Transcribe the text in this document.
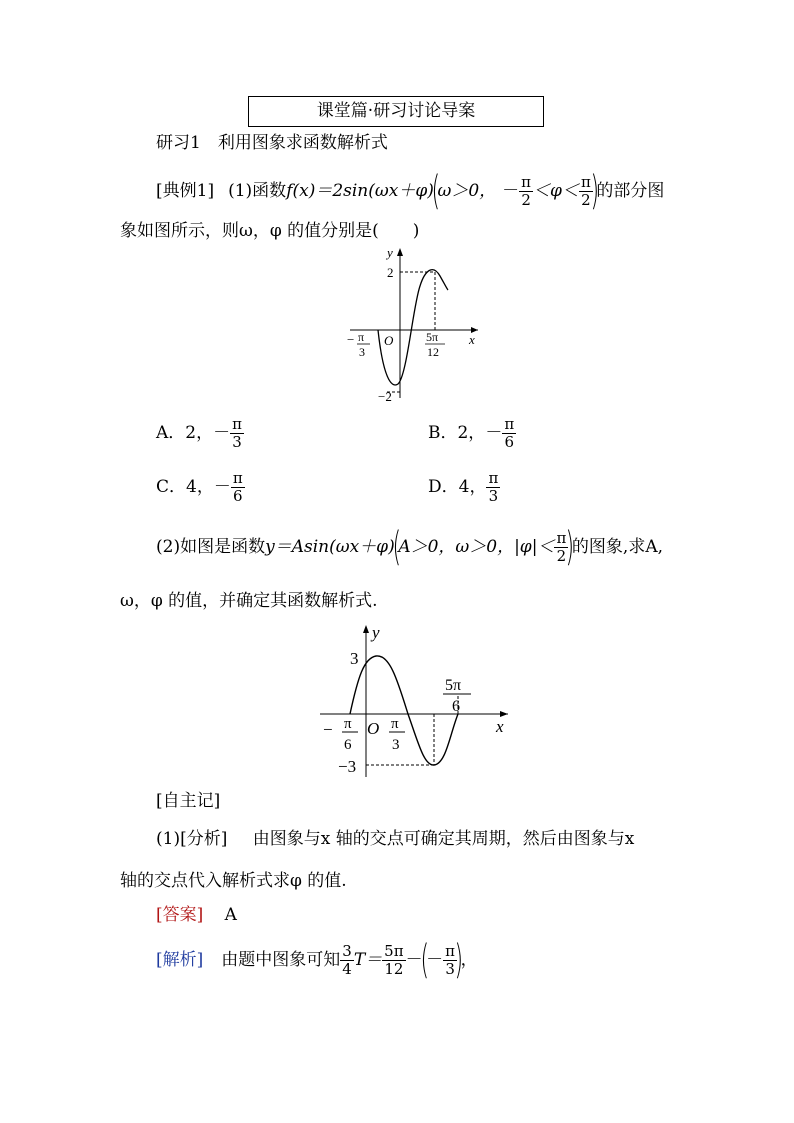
课堂篇·研习讨论导案
研习1　利用图象求函数解析式
[典例1] (1)函数 f(x)＝2sin(ωx＋φ)
(
ω＞0， － $\frac{\pi}{2} <\varphi< \frac{\pi}{2}$
)
的部分图
象如图所示，则ω，φ 的值分别是(　　)
y
x
O
2
−2
− π
3
5π
12
A．2， － $\frac{\pi}{3}$	B．2， － $\frac{\pi}{6}$
C．4， － $\frac{\pi}{6}$	D．4， $\frac{\pi}{3}$
(2)如图是函数 y＝Asin(ωx＋φ)
(
A＞0，ω＞0，$|\varphi|< \frac{\pi}{2}$
)
的图象,求A,
ω，φ 的值，并确定其函数解析式.
y
x
O
3
−3
− π
6
π
3
5π
6
[自主记]
(1)[分析] 由图象与x 轴的交点可确定其周期，然后由图象与x
轴的交点代入解析式求φ 的值.
[答案] A
[解析] 由题中图象可知 $\frac{3}{4} T= \frac{5\pi}{12}$ －
(
－ $\frac{\pi}{3}$
)
，
